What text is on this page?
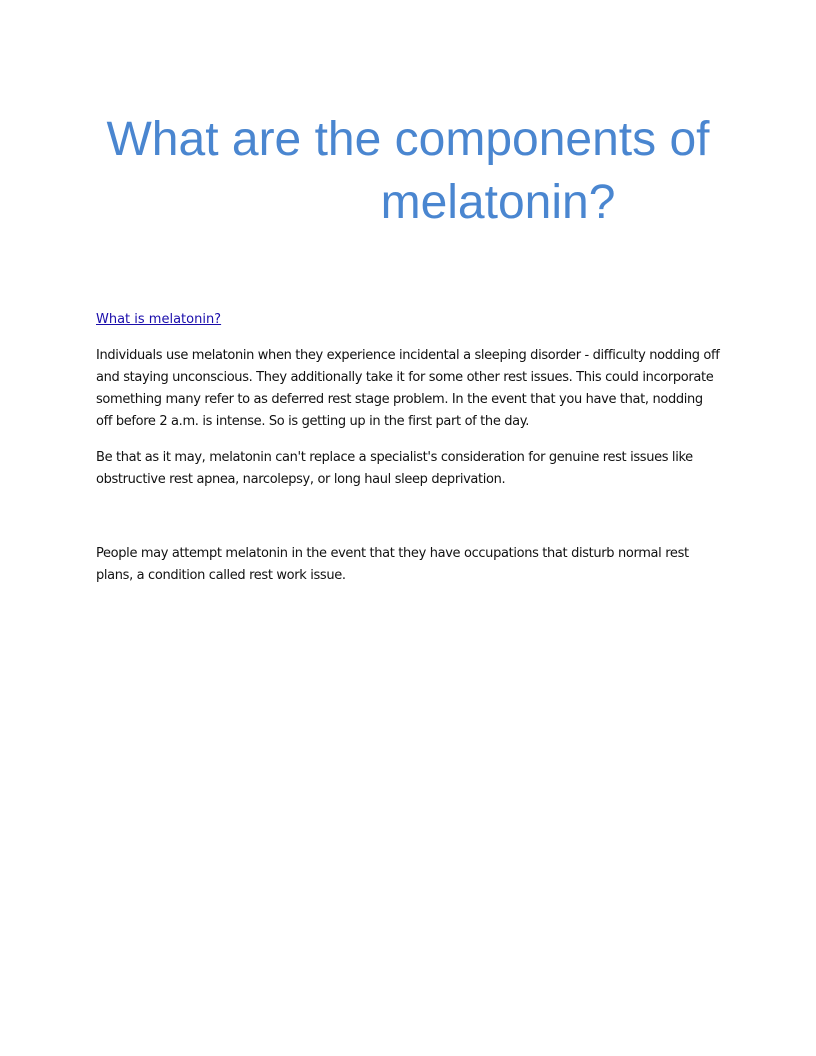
What are the components of
melatonin?
What is melatonin?

Individuals use melatonin when they experience incidental a sleeping disorder - difficulty nodding off and staying unconscious. They additionally take it for some other rest issues. This could incorporate something many refer to as deferred rest stage problem. In the event that you have that, nodding off before 2 a.m. is intense. So is getting up in the first part of the day.

Be that as it may, melatonin can't replace a specialist's consideration for genuine rest issues like obstructive rest apnea, narcolepsy, or long haul sleep deprivation.

People may attempt melatonin in the event that they have occupations that disturb normal rest plans, a condition called rest work issue.
